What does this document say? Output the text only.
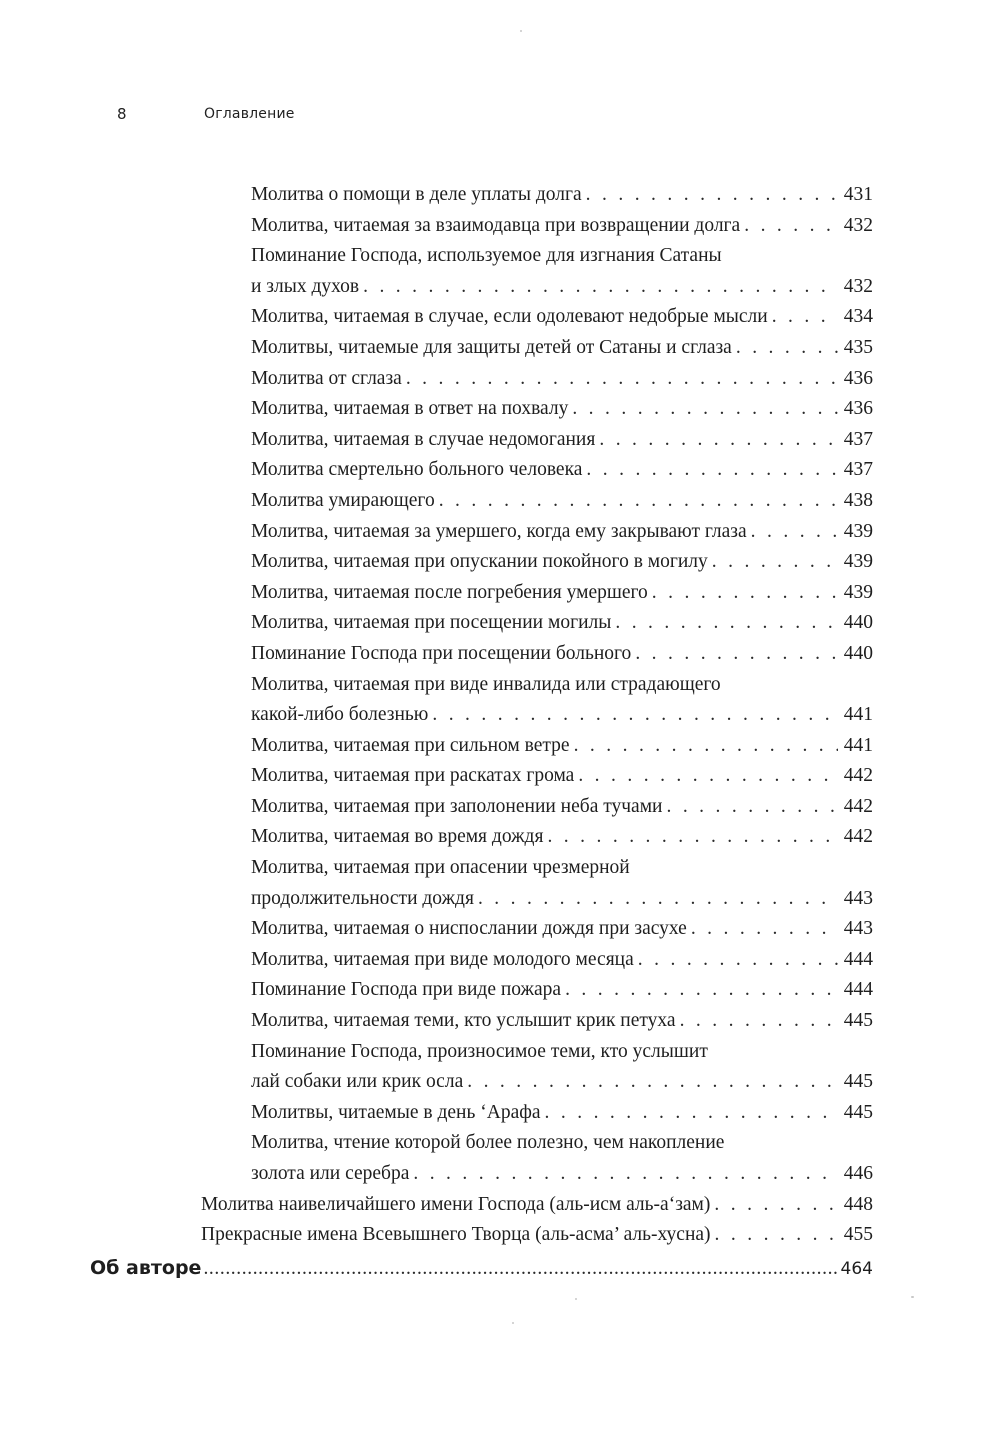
8	Оглавление
Молитва о помощи в деле уплаты долга . . .	431
Молитва, читаемая за взаимодавца при возвращении долга . . .	432
Поминание Господа, используемое для изгнания Сатаны
и злых духов . . .	432
Молитва, читаемая в случае, если одолевают недобрые мысли . . .	434
Молитвы, читаемые для защиты детей от Сатаны и сглаза . . .	435
Молитва от сглаза . . .	436
Молитва, читаемая в ответ на похвалу . . .	436
Молитва, читаемая в случае недомогания . . .	437
Молитва смертельно больного человека . . .	437
Молитва умирающего . . .	438
Молитва, читаемая за умершего, когда ему закрывают глаза . . .	439
Молитва, читаемая при опускании покойного в могилу . . .	439
Молитва, читаемая после погребения умершего . . .	439
Молитва, читаемая при посещении могилы . . .	440
Поминание Господа при посещении больного . . .	440
Молитва, читаемая при виде инвалида или страдающего
какой-либо болезнью . . .	441
Молитва, читаемая при сильном ветре . . .	441
Молитва, читаемая при раскатах грома . . .	442
Молитва, читаемая при заполонении неба тучами . . .	442
Молитва, читаемая во время дождя . . .	442
Молитва, читаемая при опасении чрезмерной
продолжительности дождя . . .	443
Молитва, читаемая о ниспослании дождя при засухе . . .	443
Молитва, читаемая при виде молодого месяца . . .	444
Поминание Господа при виде пожара . . .	444
Молитва, читаемая теми, кто услышит крик петуха . . .	445
Поминание Господа, произносимое теми, кто услышит
лай собаки или крик осла . . .	445
Молитвы, читаемые в день ‘Арафа . . .	445
Молитва, чтение которой более полезно, чем накопление
золота или серебра . . .	446
Молитва наивеличайшего имени Господа (аль-исм аль-а‘зам) . . .	448
Прекрасные имена Всевышнего Творца (аль-асма’ аль-хусна) . . .	455
Об авторе .....	464
